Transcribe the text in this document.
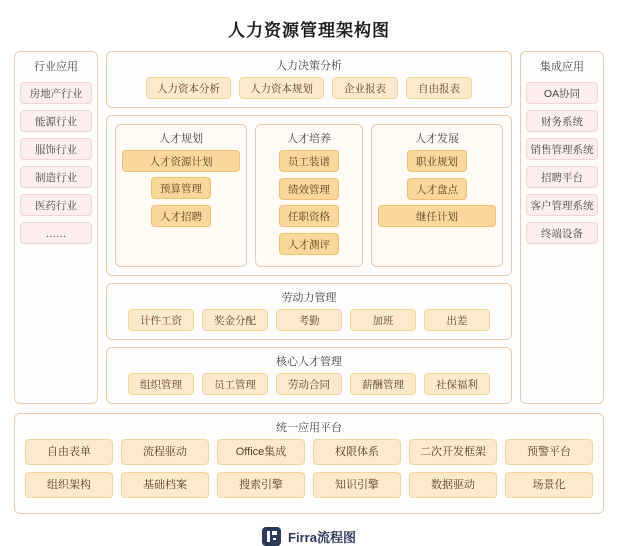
人力资源管理架构图
行业应用
房地产行业
能源行业
服饰行业
制造行业
医药行业
……
人力决策分析
人力资本分析	人力资本规划	企业报表	自由报表
人才规划
人才资源计划
预算管理
人才招聘
人才培养
员工装谱
绩效管理
任职资格
人才测评
人才发展
职业规划
人才盘点
继任计划
劳动力管理
计件工资	奖金分配	考勤	加班	出差
核心人才管理
组织管理	员工管理	劳动合同	薪酬管理	社保福利
集成应用
OA协同
财务系统
销售管理系统
招聘平台
客户管理系统
终端设备
统一应用平台
自由表单	流程驱动	Office集成	权限体系	二次开发框架	预警平台
组织架构	基础档案	搜索引擎	知识引擎	数据驱动	场景化
Firra流程图
